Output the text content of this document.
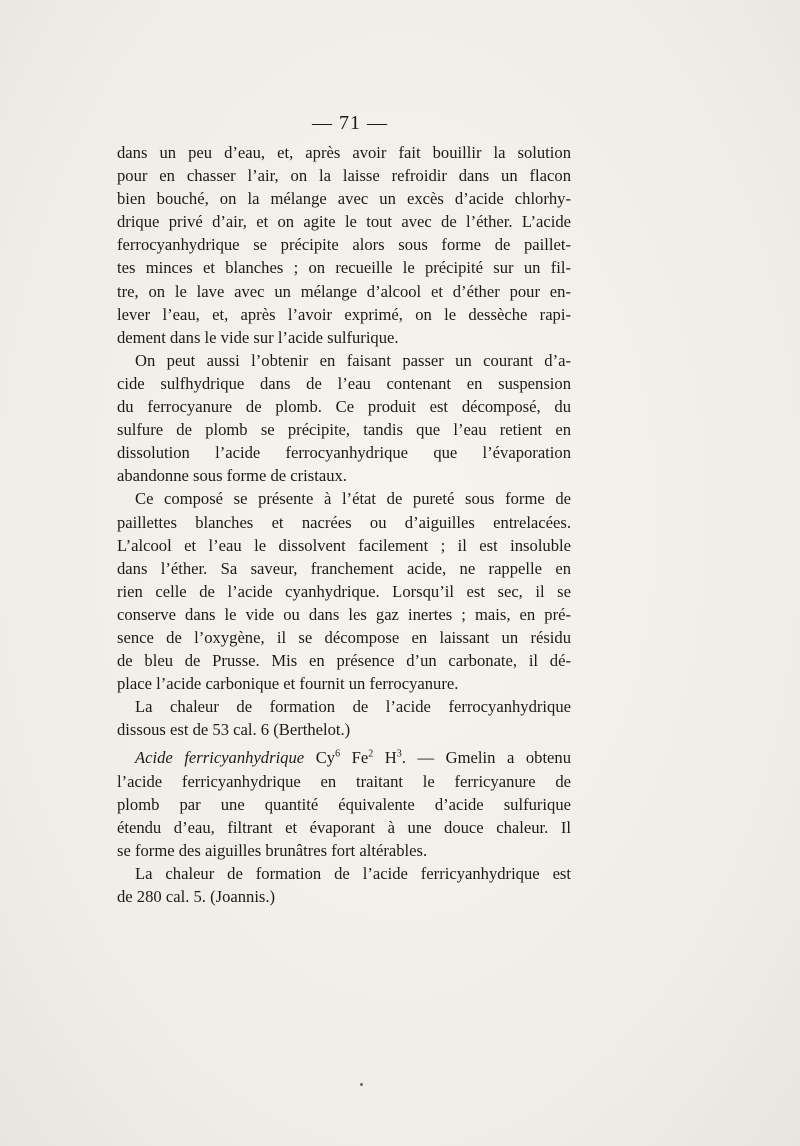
— 71 —
dans un peu d’eau, et, après avoir fait bouillir la solution
pour en chasser l’air, on la laisse refroidir dans un flacon
bien bouché, on la mélange avec un excès d’acide chlorhy-
drique privé d’air, et on agite le tout avec de l’éther. L’acide
ferrocyanhydrique se précipite alors sous forme de paillet-
tes minces et blanches ; on recueille le précipité sur un fil-
tre, on le lave avec un mélange d’alcool et d’éther pour en-
lever l’eau, et, après l’avoir exprimé, on le dessèche rapi-
dement dans le vide sur l’acide sulfurique.
On peut aussi l’obtenir en faisant passer un courant d’a-
cide sulfhydrique dans de l’eau contenant en suspension
du ferrocyanure de plomb. Ce produit est décomposé, du
sulfure de plomb se précipite, tandis que l’eau retient en
dissolution l’acide ferrocyanhydrique que l’évaporation
abandonne sous forme de cristaux.
Ce composé se présente à l’état de pureté sous forme de
paillettes blanches et nacrées ou d’aiguilles entrelacées.
L’alcool et l’eau le dissolvent facilement ; il est insoluble
dans l’éther. Sa saveur, franchement acide, ne rappelle en
rien celle de l’acide cyanhydrique. Lorsqu’il est sec, il se
conserve dans le vide ou dans les gaz inertes ; mais, en pré-
sence de l’oxygène, il se décompose en laissant un résidu
de bleu de Prusse. Mis en présence d’un carbonate, il dé-
place l’acide carbonique et fournit un ferrocyanure.
La chaleur de formation de l’acide ferrocyanhydrique
dissous est de 53 cal. 6 (Berthelot.)
Acide ferricyanhydrique Cy$^6$ Fe$^2$ $H^3$. — Gmelin a obtenu
l’acide ferricyanhydrique en traitant le ferricyanure de
plomb par une quantité équivalente d’acide sulfurique
étendu d’eau, filtrant et évaporant à une douce chaleur. Il
se forme des aiguilles brunâtres fort altérables.
La chaleur de formation de l’acide ferricyanhydrique est
de 280 cal. 5. (Joannis.)
